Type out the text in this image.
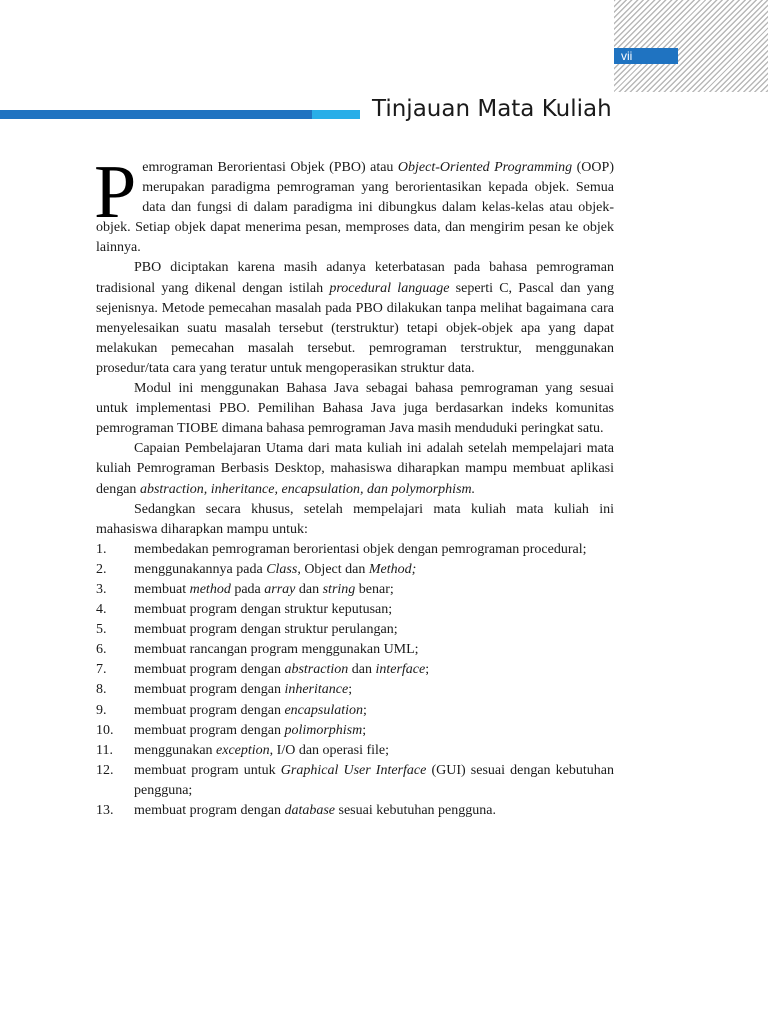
vii
Tinjauan Mata Kuliah

Pemrograman Berorientasi Objek (PBO) atau Object-Oriented Programming (OOP) merupakan paradigma pemrograman yang berorientasikan kepada objek. Semua data dan fungsi di dalam paradigma ini dibungkus dalam kelas-kelas atau objek-objek. Setiap objek dapat menerima pesan, memproses data, dan mengirim pesan ke objek lainnya.

PBO diciptakan karena masih adanya keterbatasan pada bahasa pemrograman tradisional yang dikenal dengan istilah procedural language seperti C, Pascal dan yang sejenisnya. Metode pemecahan masalah pada PBO dilakukan tanpa melihat bagaimana cara menyelesaikan suatu masalah tersebut (terstruktur) tetapi objek-objek apa yang dapat melakukan pemecahan masalah tersebut. pemrograman terstruktur, menggunakan prosedur/tata cara yang teratur untuk mengoperasikan struktur data.

Modul ini menggunakan Bahasa Java sebagai bahasa pemrograman yang sesuai untuk implementasi PBO. Pemilihan Bahasa Java juga berdasarkan indeks komunitas pemrograman TIOBE dimana bahasa pemrograman Java masih menduduki peringkat satu.

Capaian Pembelajaran Utama dari mata kuliah ini adalah setelah mempelajari mata kuliah Pemrograman Berbasis Desktop, mahasiswa diharapkan mampu membuat aplikasi dengan abstraction, inheritance, encapsulation, dan polymorphism.

Sedangkan secara khusus, setelah mempelajari mata kuliah mata kuliah ini mahasiswa diharapkan mampu untuk:

1. membedakan pemrograman berorientasi objek dengan pemrograman procedural;
2. menggunakannya pada Class, Object dan Method;
3. membuat method pada array dan string benar;
4. membuat program dengan struktur keputusan;
5. membuat program dengan struktur perulangan;
6. membuat rancangan program menggunakan UML;
7. membuat program dengan abstraction dan interface;
8. membuat program dengan inheritance;
9. membuat program dengan encapsulation;
10. membuat program dengan polimorphism;
11. menggunakan exception, I/O dan operasi file;
12. membuat program untuk Graphical User Interface (GUI) sesuai dengan kebutuhan pengguna;
13. membuat program dengan database sesuai kebutuhan pengguna.
